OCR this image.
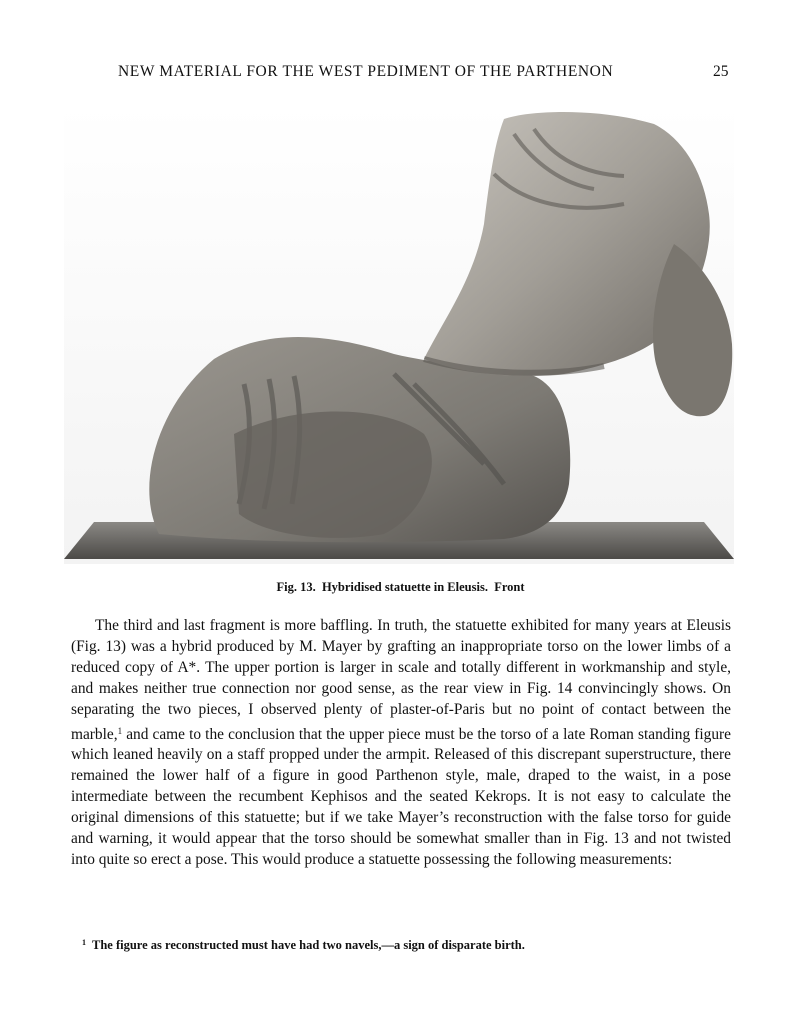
NEW MATERIAL FOR THE WEST PEDIMENT OF THE PARTHENON	25
Fig. 13. Hybridised statuette in Eleusis. Front

The third and last fragment is more baffling. In truth, the statuette exhibited for many years at Eleusis (Fig. 13) was a hybrid produced by M. Mayer by grafting an inappropriate torso on the lower limbs of a reduced copy of A*. The upper portion is larger in scale and totally different in workmanship and style, and makes neither true connection nor good sense, as the rear view in Fig. 14 convincingly shows. On separating the two pieces, I observed plenty of plaster-of-Paris but no point of contact between the marble,$^1$ and came to the conclusion that the upper piece must be the torso of a late Roman standing figure which leaned heavily on a staff propped under the armpit. Released of this discrepant superstructure, there remained the lower half of a figure in good Parthenon style, male, draped to the waist, in a pose intermediate between the recumbent Kephisos and the seated Kekrops. It is not easy to calculate the original dimensions of this statuette; but if we take Mayer’s reconstruction with the false torso for guide and warning, it would appear that the torso should be somewhat smaller than in Fig. 13 and not twisted into quite so erect a pose. This would produce a statuette possessing the following measurements:

$^1$ The figure as reconstructed must have had two navels,—a sign of disparate birth.
